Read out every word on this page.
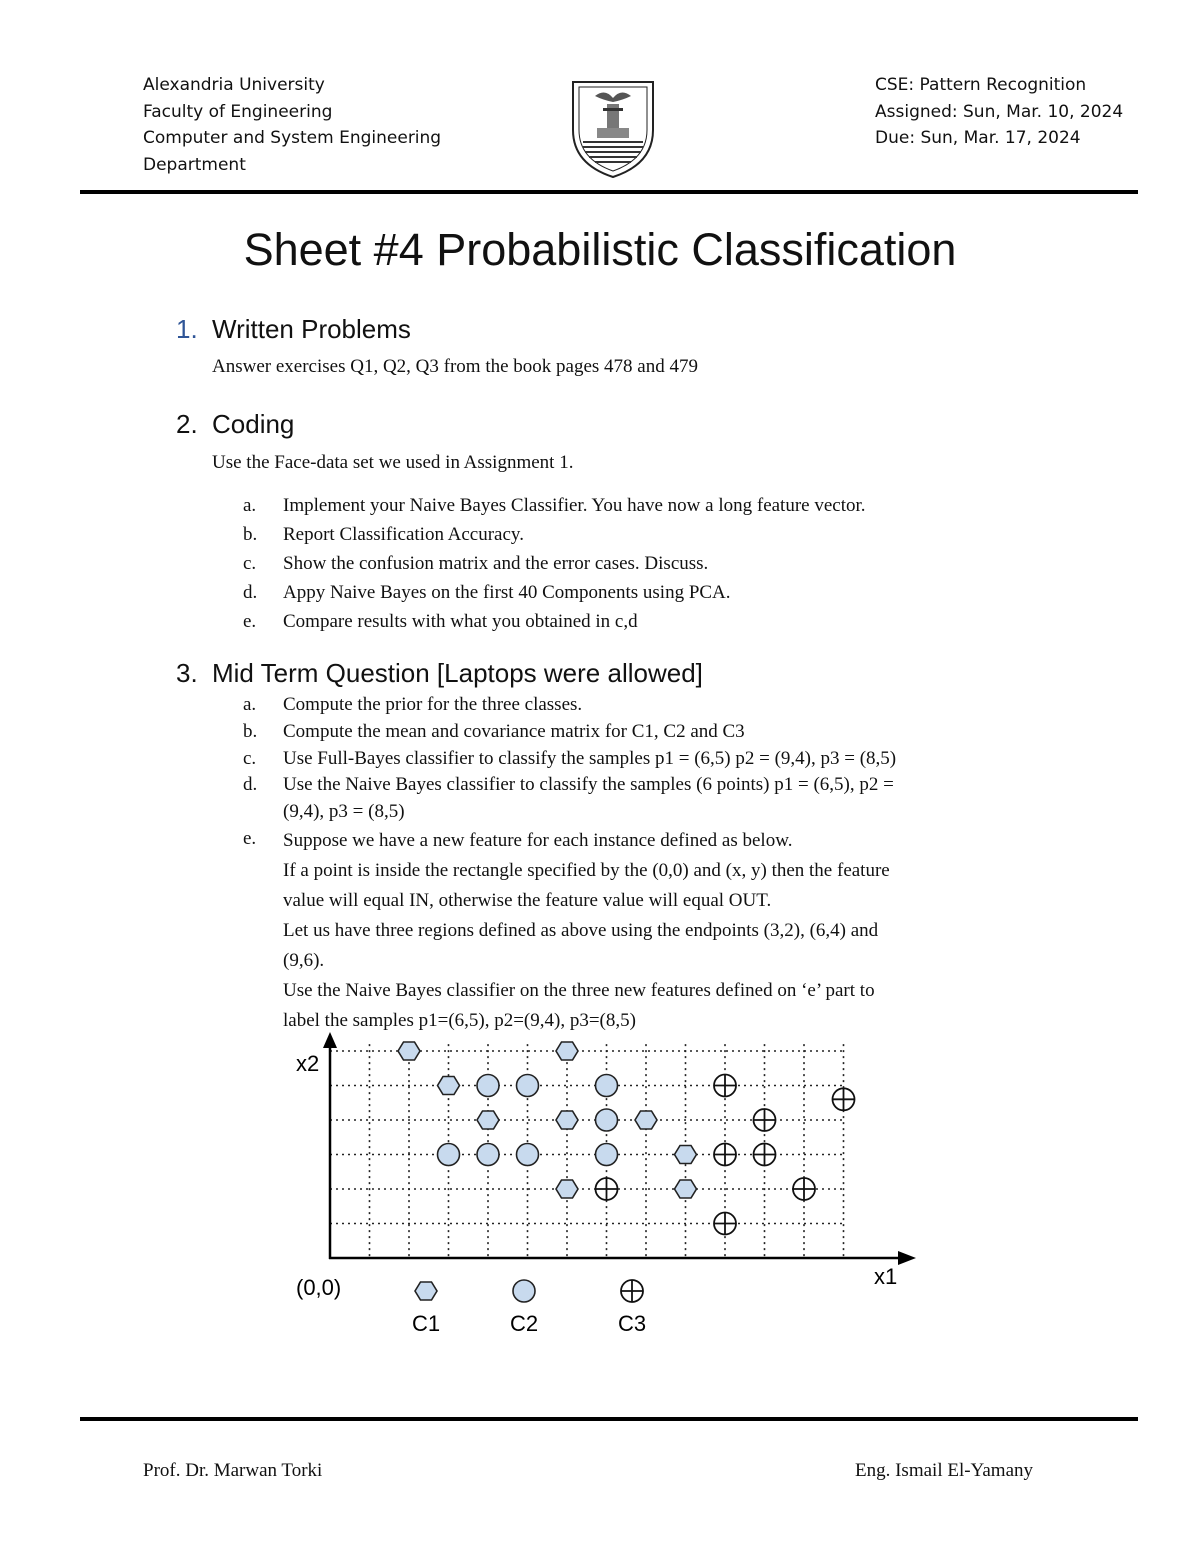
Alexandria University
Faculty of Engineering
Computer and System Engineering
Department
CSE: Pattern Recognition
Assigned: Sun, Mar. 10, 2024
Due: Sun, Mar. 17, 2024
Sheet #4 Probabilistic Classification
1. Written Problems
Answer exercises Q1, Q2, Q3 from the book pages 478 and 479
2. Coding
Use the Face-data set we used in Assignment 1.
a. Implement your Naive Bayes Classifier. You have now a long feature vector.
b. Report Classification Accuracy.
c. Show the confusion matrix and the error cases. Discuss.
d. Appy Naive Bayes on the first 40 Components using PCA.
e. Compare results with what you obtained in c,d
3. Mid Term Question [Laptops were allowed]
a. Compute the prior for the three classes.
b. Compute the mean and covariance matrix for C1, C2 and C3
c. Use Full-Bayes classifier to classify the samples p1 = (6,5) p2 = (9,4), p3 = (8,5)
d. Use the Naive Bayes classifier to classify the samples (6 points) p1 = (6,5), p2 =
(9,4), p3 = (8,5)
e. Suppose we have a new feature for each instance defined as below.
If a point is inside the rectangle specified by the (0,0) and (x, y) then the feature
value will equal IN, otherwise the feature value will equal OUT.
Let us have three regions defined as above using the endpoints (3,2), (6,4) and
(9,6).
Use the Naive Bayes classifier on the three new features defined on ‘e’ part to
label the samples p1=(6,5), p2=(9,4), p3=(8,5)
C1	C2	C3
x1
x2
(0,0)
Prof. Dr. Marwan Torki	Eng. Ismail El-Yamany
